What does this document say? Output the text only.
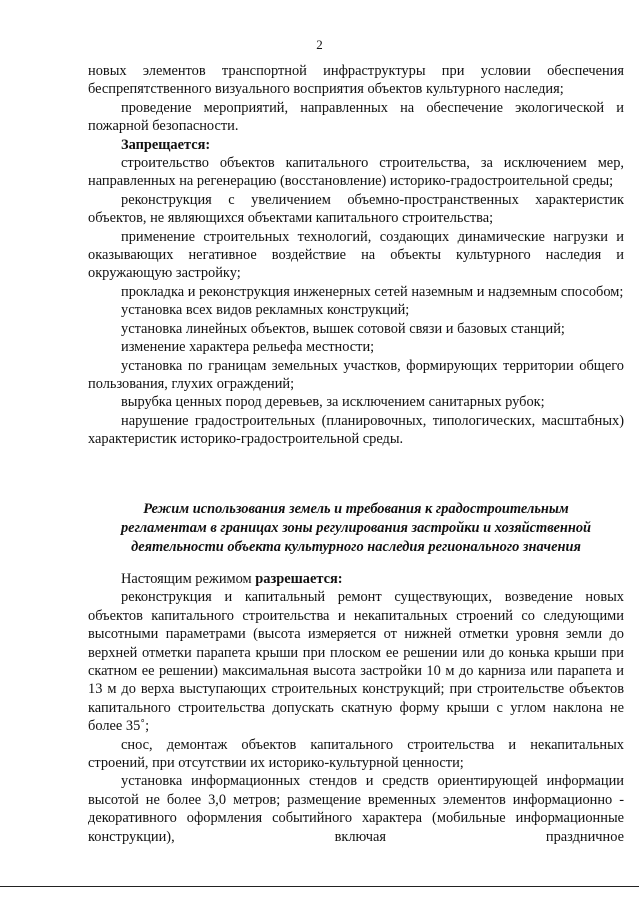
2

новых элементов транспортной инфраструктуры при условии обеспечения беспрепятственного визуального восприятия объектов культурного наследия;

проведение мероприятий, направленных на обеспечение экологической и пожарной безопасности.

Запрещается:

строительство объектов капитального строительства, за исключением мер, направленных на регенерацию (восстановление) историко-градостроительной среды;

реконструкция с увеличением объемно-пространственных характеристик объектов, не являющихся объектами капитального строительства;

применение строительных технологий, создающих динамические нагрузки и оказывающих негативное воздействие на объекты культурного наследия и окружающую застройку;

прокладка и реконструкция инженерных сетей наземным и надземным способом;

установка всех видов рекламных конструкций;

установка линейных объектов, вышек сотовой связи и базовых станций;

изменение характера рельефа местности;

установка по границам земельных участков, формирующих территории общего пользования, глухих ограждений;

вырубка ценных пород деревьев, за исключением санитарных рубок;

нарушение градостроительных (планировочных, типологических, масштабных) характеристик историко-градостроительной среды.

Режим использования земель и требования к градостроительным
регламентам в границах зоны регулирования застройки и хозяйственной
деятельности объекта культурного наследия регионального значения

Настоящим режимом разрешается:

реконструкция и капитальный ремонт существующих, возведение новых объектов капитального строительства и некапитальных строений со следующими высотными параметрами (высота измеряется от нижней отметки уровня земли до верхней отметки парапета крыши при плоском ее решении или до конька крыши при скатном ее решении) максимальная высота застройки 10 м до карниза или парапета и 13 м до верха выступающих строительных конструкций; при строительстве объектов капитального строительства допускать скатную форму крыши с углом наклона не более 35˚;

снос, демонтаж объектов капитального строительства и некапитальных строений, при отсутствии их историко-культурной ценности;

установка информационных стендов и средств ориентирующей информации высотой не более 3,0 метров; размещение временных элементов информационно - декоративного оформления событийного характера (мобильные информационные конструкции), включая праздничное
